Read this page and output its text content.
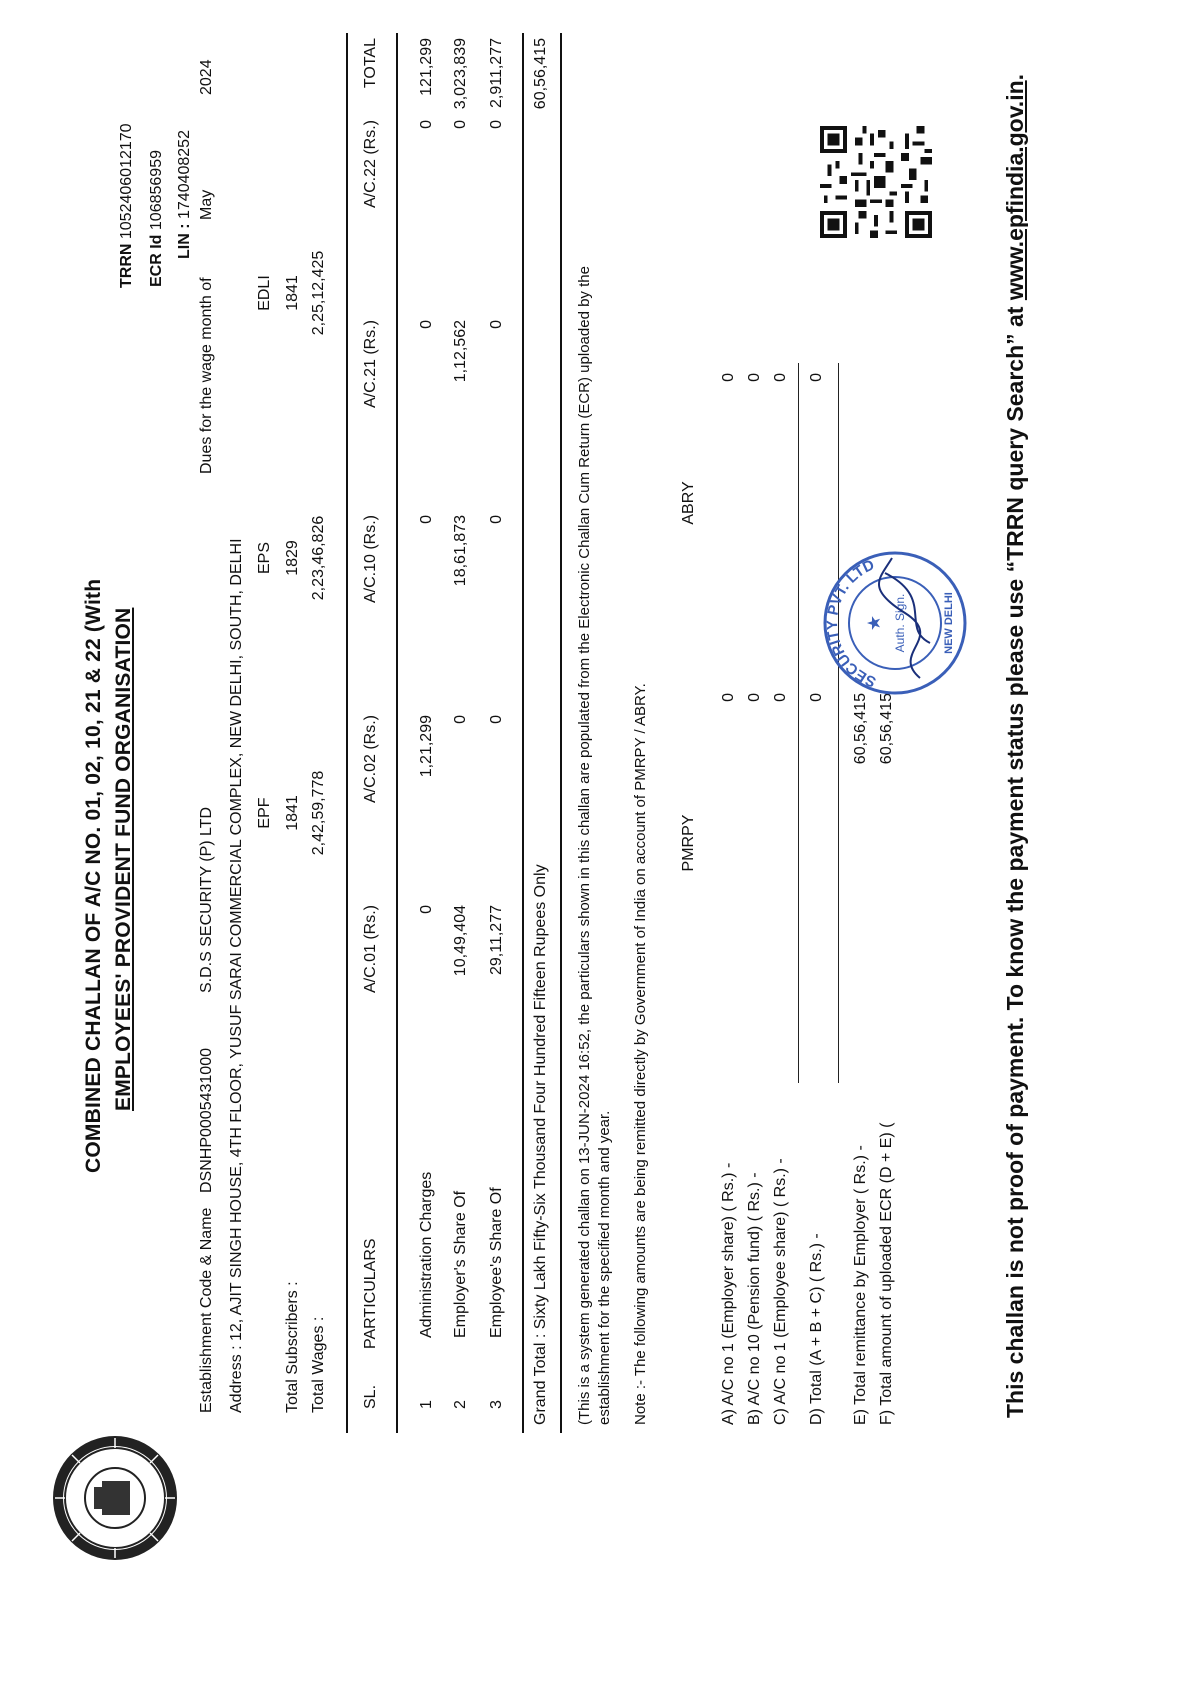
COMBINED CHALLAN OF A/C NO. 01, 02, 10, 21 & 22 (With EMPLOYEES' PROVIDENT FUND ORGANISATION
TRRN 1052406012170
ECR Id 106856959
LIN : 1740408252
Establishment Code & Name
DSNHP0005431000
S.D.S SECURITY (P) LTD
Dues for the wage month of
May
2024
Address :
12, AJIT SINGH HOUSE, 4TH FLOOR, YUSUF SARAI COMMERCIAL COMPLEX, NEW DELHI, SOUTH, DELHI EPF
EPS
EDLI
Total Subscribers :
1841
1829
1841
Total Wages :
2,42,59,778
2,23,46,826
2,25,12,425
SL.
PARTICULARS
A/C.01 (Rs.)
A/C.02 (Rs.)
A/C.10 (Rs.)
A/C.21 (Rs.)
A/C.22 (Rs.)
TOTAL
1
Administration Charges
0
1,21,299
0
0
0
121,299
2
Employer's Share Of
10,49,404
0
18,61,873
1,12,562
0
3,023,839
3
Employee's Share Of
29,11,277
0
0
0
0
2,911,277
Grand Total : Sixty Lakh Fifty-Six Thousand Four Hundred Fifteen Rupees Only
60,56,415
(This is a system generated challan on 13-JUN-2024 16:52, the particulars shown in this challan are populated from the Electronic Challan Cum Return (ECR) uploaded by the establishment for the specified month and year. Note :- The following amounts are being remitted directly by Government of India on account of PMRPY / ABRY. PMRPY
ABRY
A) A/C no 1 (Employer share) ( Rs.) -
0
0
B) A/C no 10 (Pension fund) ( Rs.) -
0
0
C) A/C no 1 (Employee share) ( Rs.) -
0
0
D) Total (A + B + C) ( Rs.) -
0
0
E) Total remittance by Employer ( Rs.) -
60,56,415
F) Total amount of uploaded ECR (D + E) (
60,56,415
SECURITY PVT. LTD
★ Auth. Sign.	NEW DELHI This challan is not proof of payment. To know the payment status please use “TRRN query Search” at www.epfindia.gov.in.
